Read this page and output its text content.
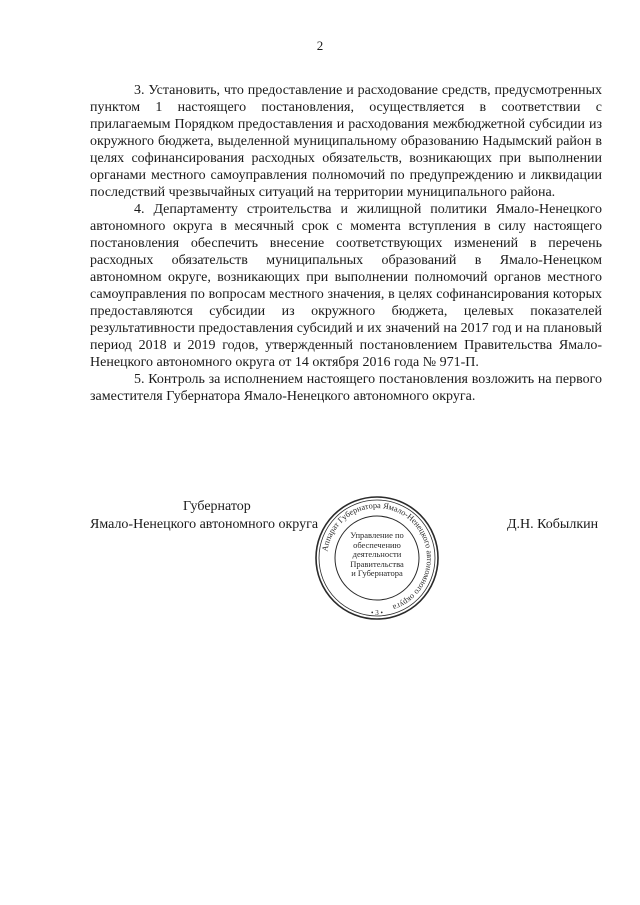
2

3. Установить, что предоставление и расходование средств, предусмотренных пунктом 1 настоящего постановления, осуществляется в соответствии с прилагаемым Порядком предоставления и расходования межбюджетной субсидии из окружного бюджета, выделенной муниципальному образованию Надымский район в целях софинансирования расходных обязательств, возникающих при выполнении органами местного самоуправления полномочий по предупреждению и ликвидации последствий чрезвычайных ситуаций на территории муниципального района.

4. Департаменту строительства и жилищной политики Ямало-Ненецкого автономного округа в месячный срок с момента вступления в силу настоящего постановления обеспечить внесение соответствующих изменений в перечень расходных обязательств муниципальных образований в Ямало-Ненецком автономном округе, возникающих при выполнении полномочий органов местного самоуправления по вопросам местного значения, в целях софинансирования которых предоставляются субсидии из окружного бюджета, целевых показателей результативности предоставления субсидий и их значений на 2017 год и на плановый период 2018 и 2019 годов, утвержденный постановлением Правительства Ямало-Ненецкого автономного округа от 14 октября 2016 года № 971-П.

5. Контроль за исполнением настоящего постановления возложить на первого заместителя Губернатора Ямало-Ненецкого автономного округа.

Губернатор
Ямало-Ненецкого автономного округа
Аппарат Губернатора Ямало-Ненецкого автономного округа
• 3 •
Управление по
обеспечению
деятельности
Правительства
и Губернатора
Д.Н. Кобылкин
